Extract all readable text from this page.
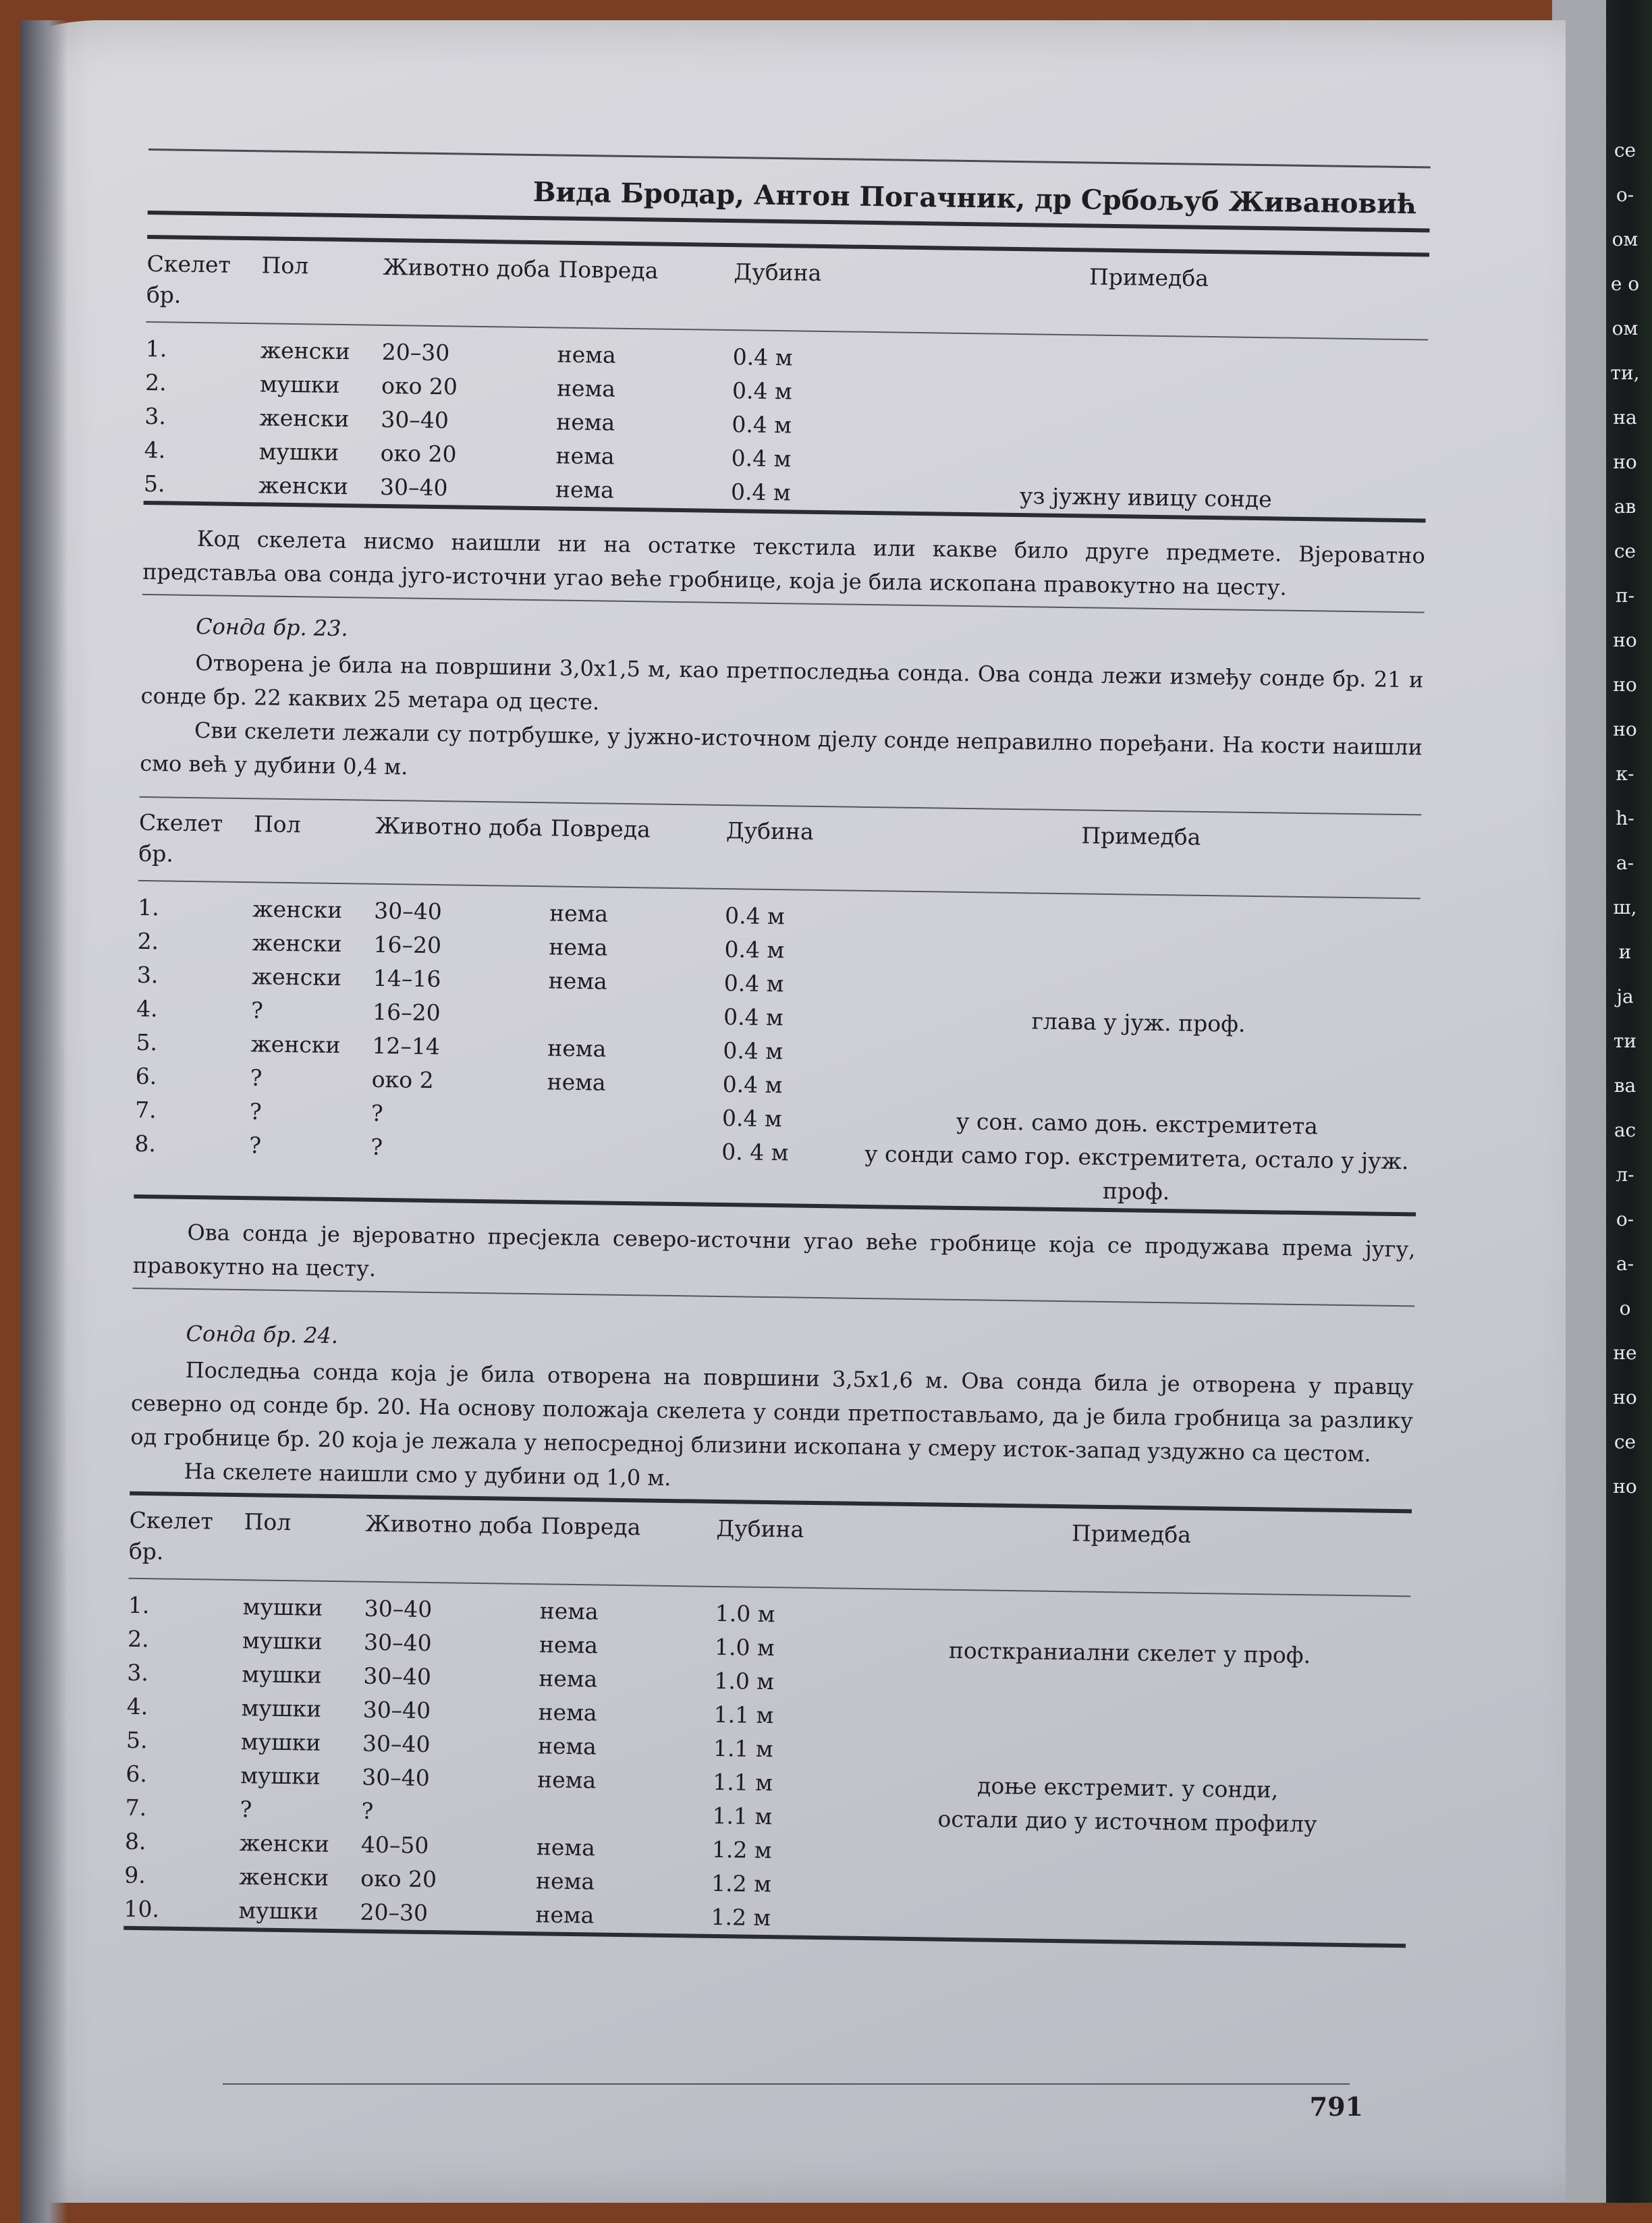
се
о-
ом
е о
ом
ти,
на
но
ав
се
п-
но
но
но
к-
h-
а-
ш,
и
ја
ти
ва
ас
л-
о-
а-
о
не
но
се
но
Вида Бродар, Антон Погачник, др Србољуб Живановић
Скелет бр.	Пол	Животно доба	Повреда	Дубина	Примедба

1.	женски	20–30	нема	0.4 м	
2.	мушки	око 20	нема	0.4 м	
3.	женски	30–40	нема	0.4 м	
4.	мушки	око 20	нема	0.4 м	
5.	женски	30–40	нема	0.4 м	уз јужну ивицу сонде

Код скелета нисмо наишли ни на остатке текстила или какве било друге предмете. Вјероватно представља ова сонда југо-источни угао веће гробнице, која је била ископана правокутно на цесту.

Сонда бр. 23.

Отворена је била на површини 3,0х1,5 м, као претпоследња сонда. Ова сонда лежи између сонде бр. 21 и сонде бр. 22 каквих 25 метара од цесте.

Сви скелети лежали су потрбушке, у јужно-источном дјелу сонде неправилно поређани. На кости наишли смо већ у дубини 0,4 м.

Скелет бр.	Пол	Животно доба	Повреда	Дубина	Примедба

1.	женски	30–40	нема	0.4 м	
2.	женски	16–20	нема	0.4 м	
3.	женски	14–16	нема	0.4 м	
4.	?	16–20		0.4 м	глава у јуж. проф.
5.	женски	12–14	нема	0.4 м	
6.	?	око 2	нема	0.4 м	
7.	?	?		0.4 м	у сон. само доњ. екстремитета
8.	?	?		0. 4 м	у сонди само гор. екстремитета, остало у јуж. проф.

Ова сонда је вјероватно пресјекла северо-источни угао веће гробнице која се продужава према југу, правокутно на цесту.

Сонда бр. 24.

Последња сонда која је била отворена на површини 3,5х1,6 м. Ова сонда била је отворена у правцу северно од сонде бр. 20. На основу положаја скелета у сонди претпостављамо, да је била гробница за разлику од гробнице бр. 20 која је лежала у непосредној близини ископана у смеру исток-запад уздужно са цестом.

На скелете наишли смо у дубини од 1,0 м.

Скелет бр.	Пол	Животно доба	Повреда	Дубина	Примедба

1.	мушки	30–40	нема	1.0 м	
2.	мушки	30–40	нема	1.0 м	посткраниални скелет у проф.
3.	мушки	30–40	нема	1.0 м	
4.	мушки	30–40	нема	1.1 м	
5.	мушки	30–40	нема	1.1 м	
6.	мушки	30–40	нема	1.1 м	доње екстремит. у сонди,
7.	?	?		1.1 м	остали дио у источном профилу
8.	женски	40–50	нема	1.2 м	
9.	женски	око 20	нема	1.2 м	
10.	мушки	20–30	нема	1.2 м	
791
